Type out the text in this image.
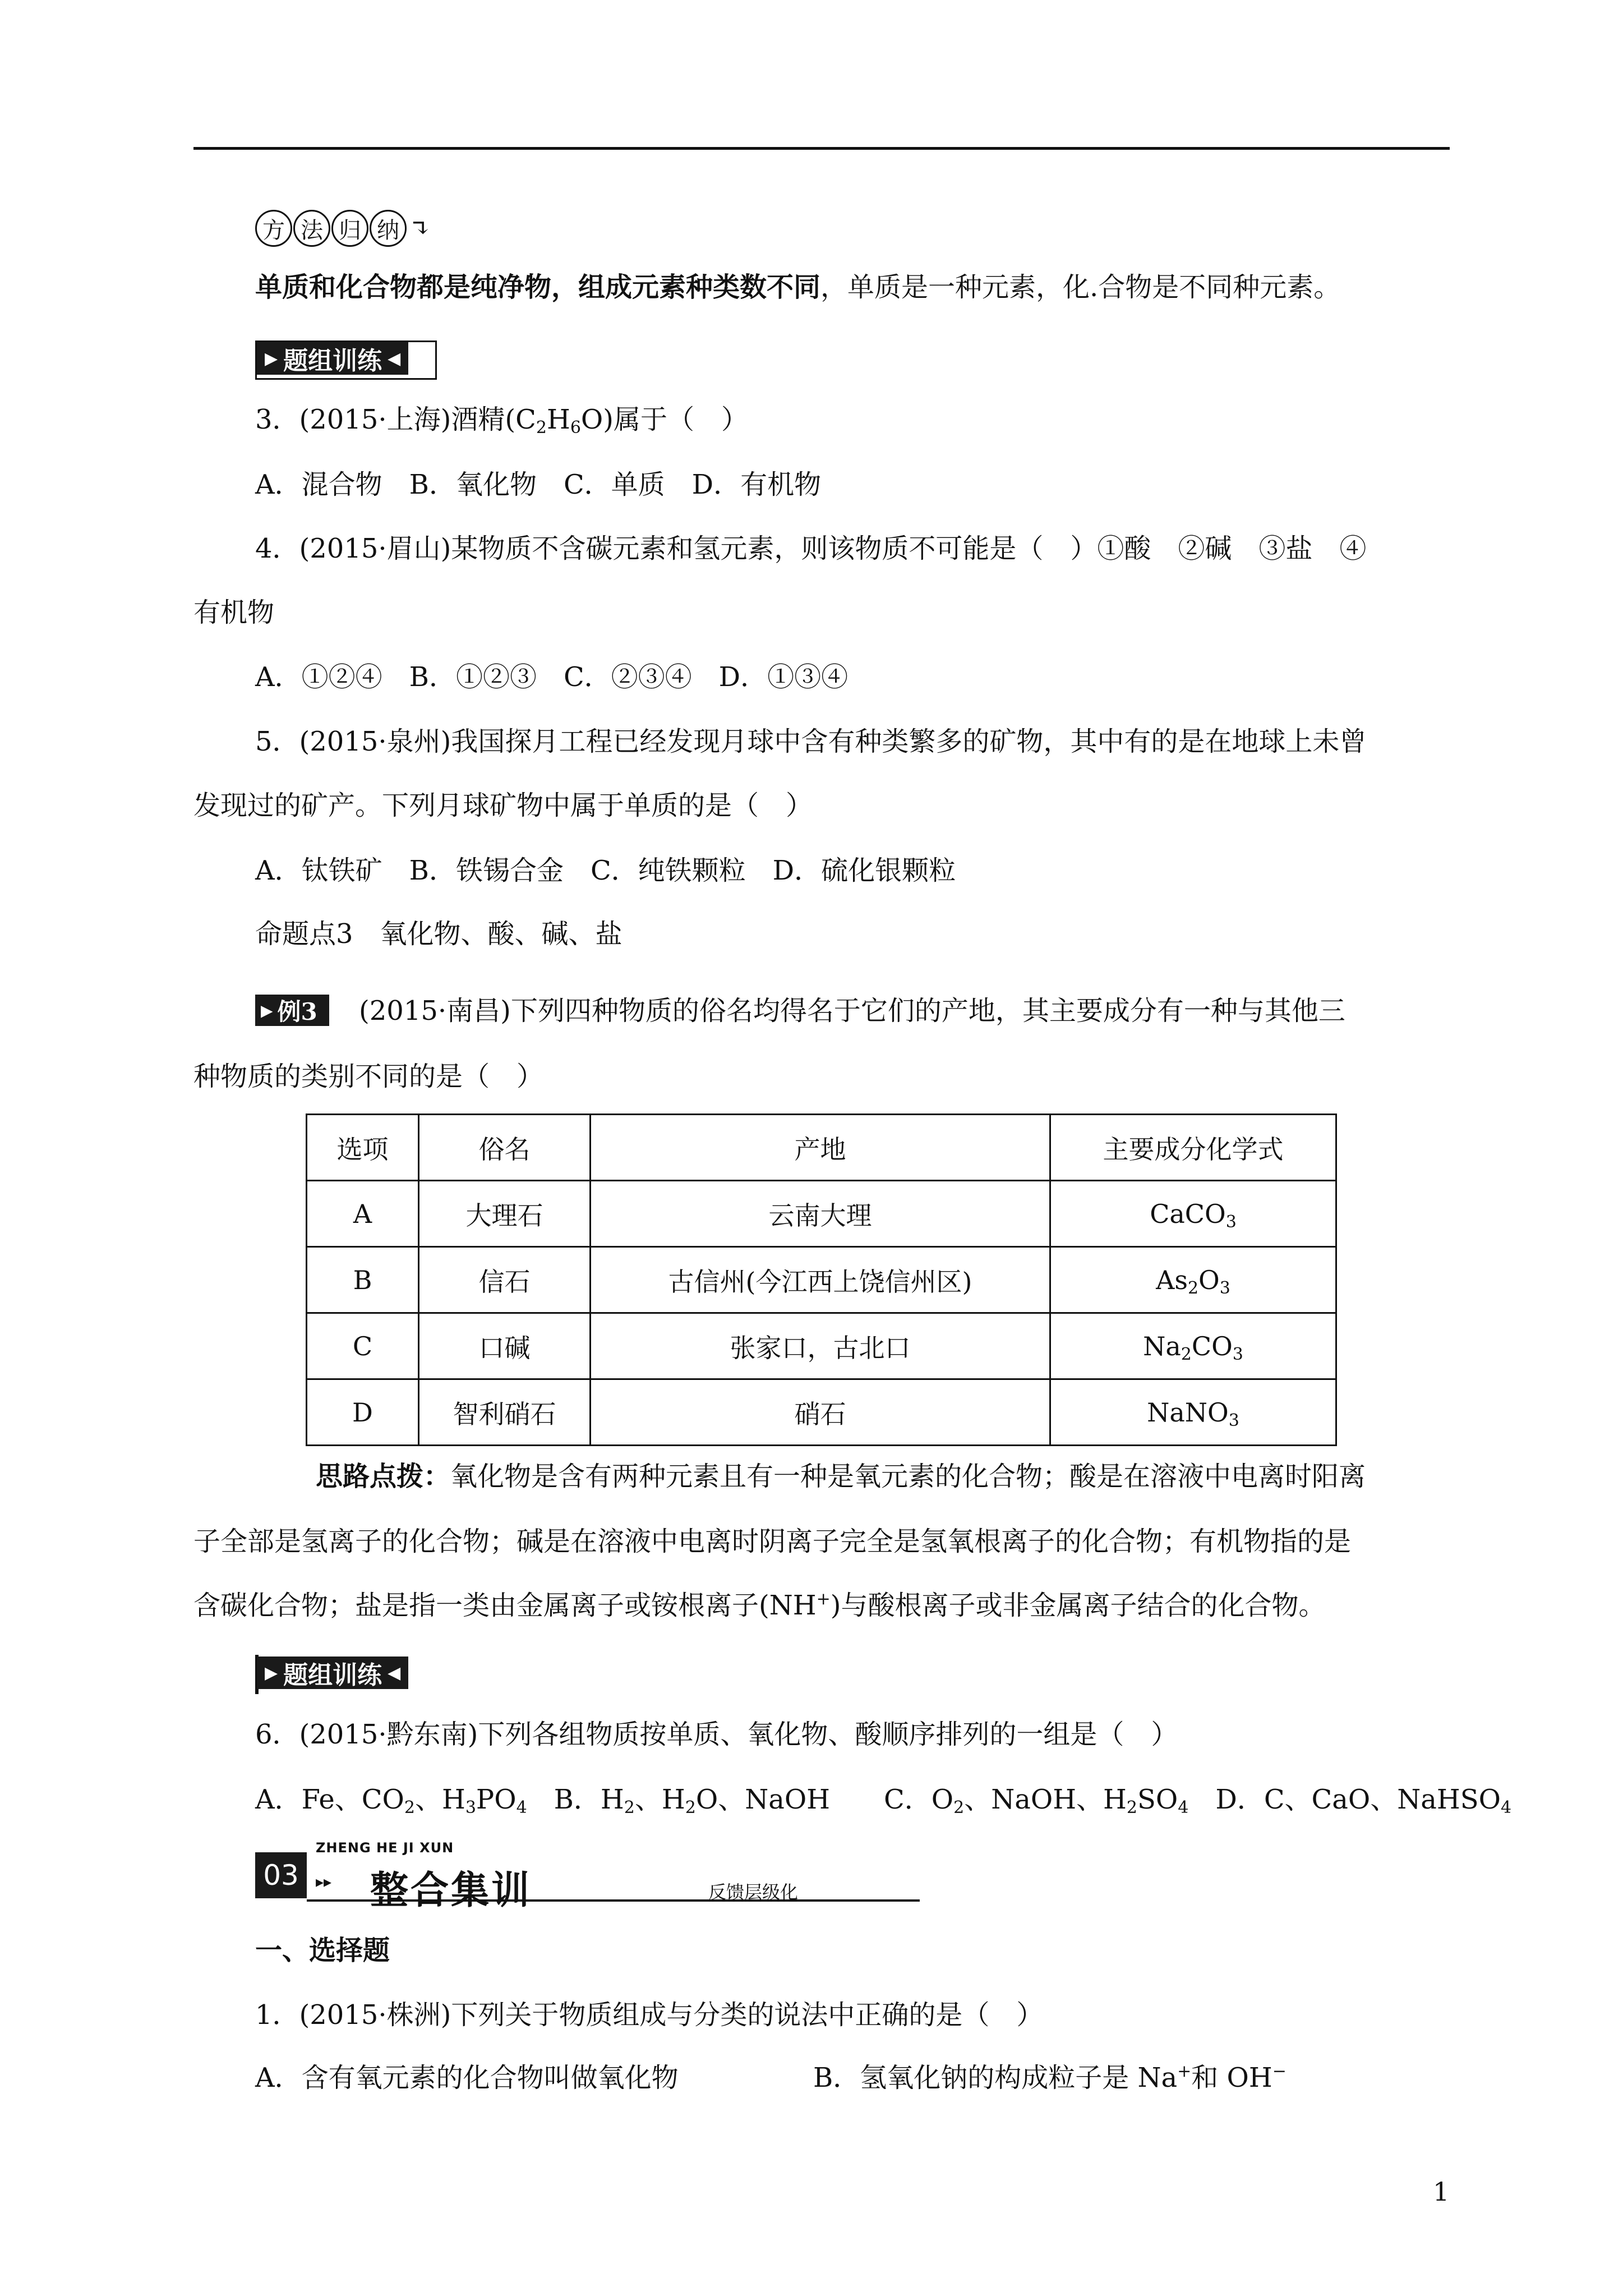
方 法 归 纳 ↴
单质和化合物都是纯净物，组成元素种类数不同，单质是一种元素，化.合物是不同种元素。
▶ 题组训练 ◀
3．(2015·上海)酒精$(C_2H_6O)$属于（　）
A．混合物　B．氧化物　C．单质　D．有机物
4．(2015·眉山)某物质不含碳元素和氢元素，则该物质不可能是（　）①酸　②碱　③盐　④
有机物
A．①②④　B．①②③　C．②③④　D．①③④
5．(2015·泉州)我国探月工程已经发现月球中含有种类繁多的矿物，其中有的是在地球上未曾
发现过的矿产。下列月球矿物中属于单质的是（　）
A．钛铁矿　B．铁锡合金　C．纯铁颗粒　D．硫化银颗粒
命题点3　氧化物、酸、碱、盐
▶ 例3 (2015·南昌)下列四种物质的俗名均得名于它们的产地，其主要成分有一种与其他三
种物质的类别不同的是（　）
选项	俗名	产地	主要成分化学式
A	大理石	云南大理	CaCO$_3$
B	信石	古信州(今江西上饶信州区)	$As_2O_3$
C	口碱	张家口，古北口	$Na_2CO_3$
D	智利硝石	硝石	NaNO$_3$
思路点拨：氧化物是含有两种元素且有一种是氧元素的化合物；酸是在溶液中电离时阳离
子全部是氢离子的化合物；碱是在溶液中电离时阴离子完全是氢氧根离子的化合物；有机物指的是
含碳化合物；盐是指一类由金属离子或铵根离子(NH+)与酸根离子或非金属离子结合的化合物。
▶ 题组训练 ◀
6．(2015·黔东南)下列各组物质按单质、氧化物、酸顺序排列的一组是（　）
A．Fe、$CO_2$、$H_3PO_4$　B．$H_2$、$H_2O$、NaOH　　C．$O_2$、NaOH、$H_2SO_4$　D．C、CaO、NaHSO$_4$
03
ZHENG HE JI XUN
▸▸ 整合集训	反馈层级化
一、选择题
1．(2015·株洲)下列关于物质组成与分类的说法中正确的是（　）
A．含有氧元素的化合物叫做氧化物	B．氢氧化钠的构成粒子是 Na+和 OH−
1
